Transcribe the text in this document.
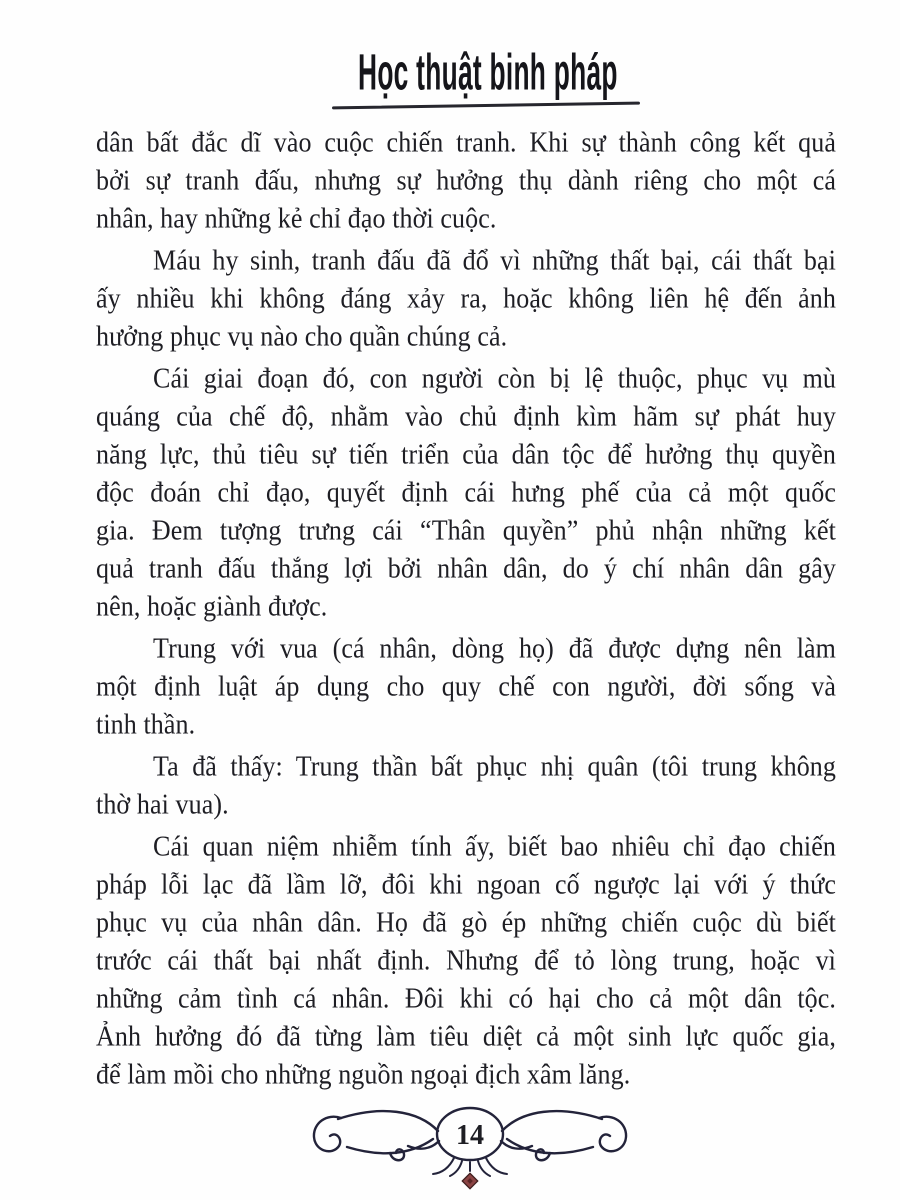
Học thuật binh pháp
dân bất đắc dĩ vào cuộc chiến tranh. Khi sự thành công kết quả
bởi sự tranh đấu, nhưng sự hưởng thụ dành riêng cho một cá
nhân, hay những kẻ chỉ đạo thời cuộc.
Máu hy sinh, tranh đấu đã đổ vì những thất bại, cái thất bại
ấy nhiều khi không đáng xảy ra, hoặc không liên hệ đến ảnh
hưởng phục vụ nào cho quần chúng cả.
Cái giai đoạn đó, con người còn bị lệ thuộc, phục vụ mù
quáng của chế độ, nhằm vào chủ định kìm hãm sự phát huy
năng lực, thủ tiêu sự tiến triển của dân tộc để hưởng thụ quyền
độc đoán chỉ đạo, quyết định cái hưng phế của cả một quốc
gia. Đem tượng trưng cái “Thân quyền” phủ nhận những kết
quả tranh đấu thắng lợi bởi nhân dân, do ý chí nhân dân gây
nên, hoặc giành được.
Trung với vua (cá nhân, dòng họ) đã được dựng nên làm
một định luật áp dụng cho quy chế con người, đời sống và
tinh thần.
Ta đã thấy: Trung thần bất phục nhị quân (tôi trung không
thờ hai vua).
Cái quan niệm nhiễm tính ấy, biết bao nhiêu chỉ đạo chiến
pháp lỗi lạc đã lầm lỡ, đôi khi ngoan cố ngược lại với ý thức
phục vụ của nhân dân. Họ đã gò ép những chiến cuộc dù biết
trước cái thất bại nhất định. Nhưng để tỏ lòng trung, hoặc vì
những cảm tình cá nhân. Đôi khi có hại cho cả một dân tộc.
Ảnh hưởng đó đã từng làm tiêu diệt cả một sinh lực quốc gia,
để làm mồi cho những nguồn ngoại địch xâm lăng.
14
